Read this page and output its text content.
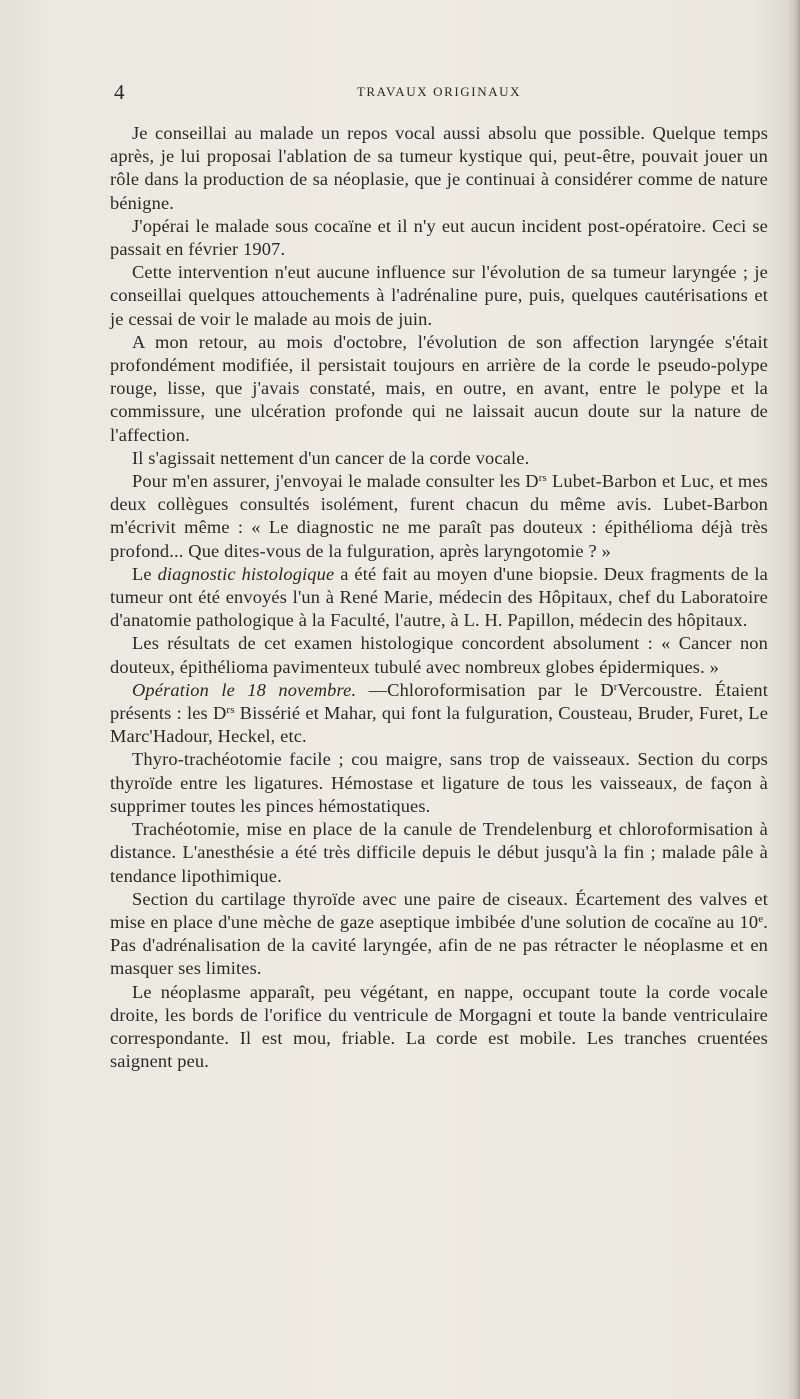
4	TRAVAUX ORIGINAUX

Je conseillai au malade un repos vocal aussi absolu que possible. Quelque temps après, je lui proposai l'ablation de sa tumeur kystique qui, peut-être, pouvait jouer un rôle dans la production de sa néoplasie, que je continuai à considérer comme de nature bénigne.

J'opérai le malade sous cocaïne et il n'y eut aucun incident post-opératoire. Ceci se passait en février 1907.

Cette intervention n'eut aucune influence sur l'évolution de sa tumeur laryngée ; je conseillai quelques attouchements à l'adrénaline pure, puis, quelques cautérisations et je cessai de voir le malade au mois de juin.

A mon retour, au mois d'octobre, l'évolution de son affection laryngée s'était profondément modifiée, il persistait toujours en arrière de la corde le pseudo-polype rouge, lisse, que j'avais constaté, mais, en outre, en avant, entre le polype et la commissure, une ulcération profonde qui ne laissait aucun doute sur la nature de l'affection.

Il s'agissait nettement d'un cancer de la corde vocale.

Pour m'en assurer, j'envoyai le malade consulter les $D^{rs}$ Lubet-Barbon et Luc, et mes deux collègues consultés isolément, furent chacun du même avis. Lubet-Barbon m'écrivit même : « Le diagnostic ne me paraît pas douteux : épithélioma déjà très profond... Que dites-vous de la fulguration, après laryngotomie ? »

Le diagnostic histologique a été fait au moyen d'une biopsie. Deux fragments de la tumeur ont été envoyés l'un à René Marie, médecin des Hôpitaux, chef du Laboratoire d'anatomie pathologique à la Faculté, l'autre, à L. H. Papillon, médecin des hôpitaux.

Les résultats de cet examen histologique concordent absolument : « Cancer non douteux, épithélioma pavimenteux tubulé avec nombreux globes épidermiques. »

Opération le 18 novembre. —Chloroformisation par le $D^rVercoustre$. Étaient présents : les $D^{rs}$ Bissérié et Mahar, qui font la fulguration, Cousteau, Bruder, Furet, Le Marc'Hadour, Heckel, etc.

Thyro-trachéotomie facile ; cou maigre, sans trop de vaisseaux. Section du corps thyroïde entre les ligatures. Hémostase et ligature de tous les vaisseaux, de façon à supprimer toutes les pinces hémostatiques.

Trachéotomie, mise en place de la canule de Trendelenburg et chloroformisation à distance. L'anesthésie a été très difficile depuis le début jusqu'à la fin ; malade pâle à tendance lipothimique.

Section du cartilage thyroïde avec une paire de ciseaux. Écartement des valves et mise en place d'une mèche de gaze aseptique imbibée d'une solution de cocaïne au 10e. Pas d'adrénalisation de la cavité laryngée, afin de ne pas rétracter le néoplasme et en masquer ses limites.

Le néoplasme apparaît, peu végétant, en nappe, occupant toute la corde vocale droite, les bords de l'orifice du ventricule de Morgagni et toute la bande ventriculaire correspondante. Il est mou, friable. La corde est mobile. Les tranches cruentées saignent peu.
